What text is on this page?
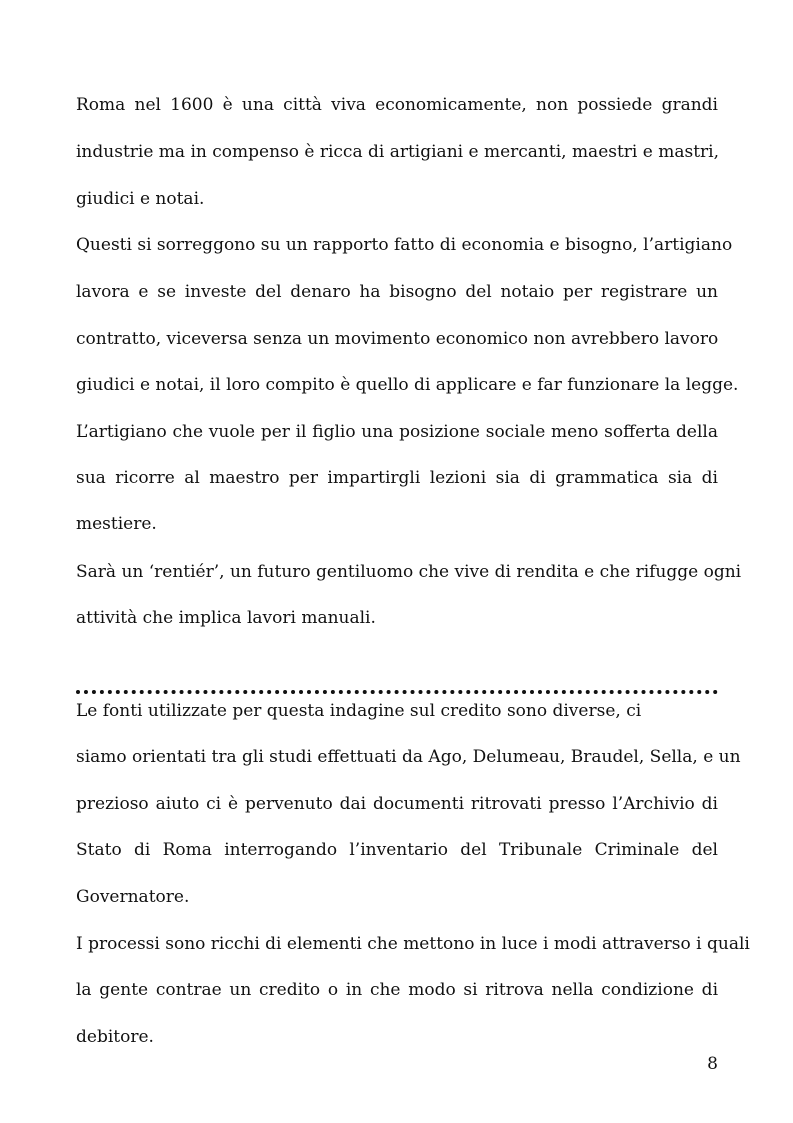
Roma nel 1600 è una città viva economicamente, non possiede grandi
industrie ma in compenso è ricca di artigiani e mercanti, maestri e mastri,
giudici e notai.
Questi si sorreggono su un rapporto fatto di economia e bisogno, l’artigiano
lavora e se investe del denaro ha bisogno del notaio per registrare un
contratto, viceversa senza un movimento economico non avrebbero lavoro
giudici e notai, il loro compito è quello di applicare e far funzionare la legge.
L’artigiano che vuole per il figlio una posizione sociale meno sofferta della
sua ricorre al maestro per impartirgli lezioni sia di grammatica sia di
mestiere.
Sarà un ‘rentiér’, un futuro gentiluomo che vive di rendita e che rifugge ogni
attività che implica lavori manuali.
Le fonti utilizzate per questa indagine sul credito sono diverse, ci
siamo orientati tra gli studi effettuati da Ago, Delumeau, Braudel, Sella, e un
prezioso aiuto ci è pervenuto dai documenti ritrovati presso l’Archivio di
Stato di Roma interrogando l’inventario del Tribunale Criminale del
Governatore.
I processi sono ricchi di elementi che mettono in luce i modi attraverso i quali
la gente contrae un credito o in che modo si ritrova nella condizione di
debitore.
8
